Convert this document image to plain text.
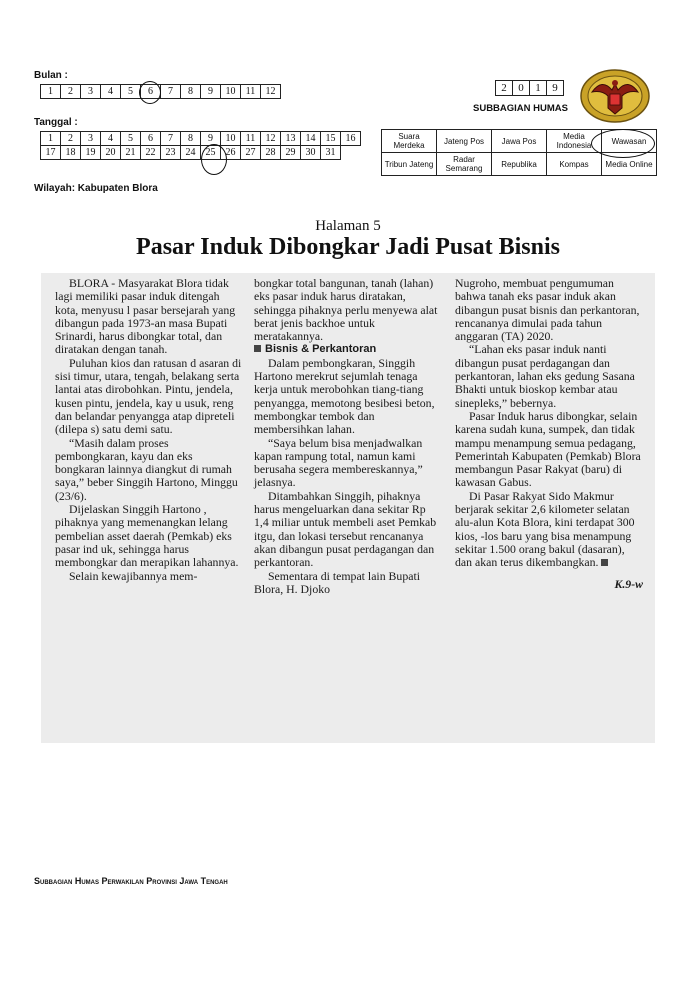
Bulan :
1	2	3	4	5	6	7	8	9	10	11	12
Tanggal :
1	2	3	4	5	6	7	8	9	10	11	12	13	14	15	16
17	18	19	20	21	22	23	24	25	26	27	28	29	30	31	
Wilayah: Kabupaten Blora
2	0	1	9
SUBBAGIAN HUMAS
Suara Merdeka	Jateng Pos	Jawa Pos	Media Indonesia	Wawasan
Tribun Jateng	Radar Semarang	Republika	Kompas	Media Online
Halaman 5
Pasar Induk Dibongkar Jadi Pusat Bisnis

BLORA - Masyarakat Blora tidak lagi memiliki pasar induk ditengah kota, menyusu l pasar bersejarah yang dibangun pada 1973-an masa Bupati Srinardi, harus dibongkar total, dan diratakan dengan tanah.

Puluhan kios dan ratusan d asaran di sisi timur, utara, tengah, belakang serta lantai atas dirobohkan. Pintu, jendela, kusen pintu, jendela, kay u usuk, reng dan belandar penyangga atap dipreteli (dilepa s) satu demi satu.

“Masih dalam proses pembongkaran, kayu dan eks bongkaran lainnya diangkut di rumah saya,” beber Singgih Hartono, Minggu (23/6).

Dijelaskan Singgih Hartono , pihaknya yang memenangkan lelang pembelian asset daerah (Pemkab) eks pasar ind uk, sehingga harus membongkar dan merapikan lahannya.

Selain kewajibannya mem-

bongkar total bangunan, tanah (lahan) eks pasar induk harus diratakan, sehingga pihaknya perlu menyewa alat berat jenis backhoe untuk meratakannya.

Bisnis & Perkantoran

Dalam pembongkaran, Singgih Hartono merekrut sejumlah tenaga kerja untuk merobohkan tiang-tiang penyangga, memotong besibesi beton, membongkar tembok dan membersihkan lahan.

“Saya belum bisa menjadwalkan kapan rampung total, namun kami berusaha segera membereskannya,” jelasnya.

Ditambahkan Singgih, pihaknya harus mengeluarkan dana sekitar Rp 1,4 miliar untuk membeli aset Pemkab itgu, dan lokasi tersebut rencananya akan dibangun pusat perdagangan dan perkantoran.

Sementara di tempat lain Bupati Blora, H. Djoko

Nugroho, membuat pengumuman bahwa tanah eks pasar induk akan dibangun pusat bisnis dan perkantoran, rencananya dimulai pada tahun anggaran (TA) 2020.

“Lahan eks pasar induk nanti dibangun pusat perdagangan dan perkantoran, lahan eks gedung Sasana Bhakti untuk bioskop kembar atau sinepleks,” bebernya.

Pasar Induk harus dibongkar, selain karena sudah kuna, sumpek, dan tidak mampu menampung semua pedagang, Pemerintah Kabupaten (Pemkab) Blora membangun Pasar Rakyat (baru) di kawasan Gabus.

Di Pasar Rakyat Sido Makmur berjarak sekitar 2,6 kilometer selatan alu-alun Kota Blora, kini terdapat 300 kios, -los baru yang bisa menampung sekitar 1.500 orang bakul (dasaran), dan akan terus dikembangkan.

K.9-w

Subbagian Humas Perwakilan Provinsi Jawa Tengah
